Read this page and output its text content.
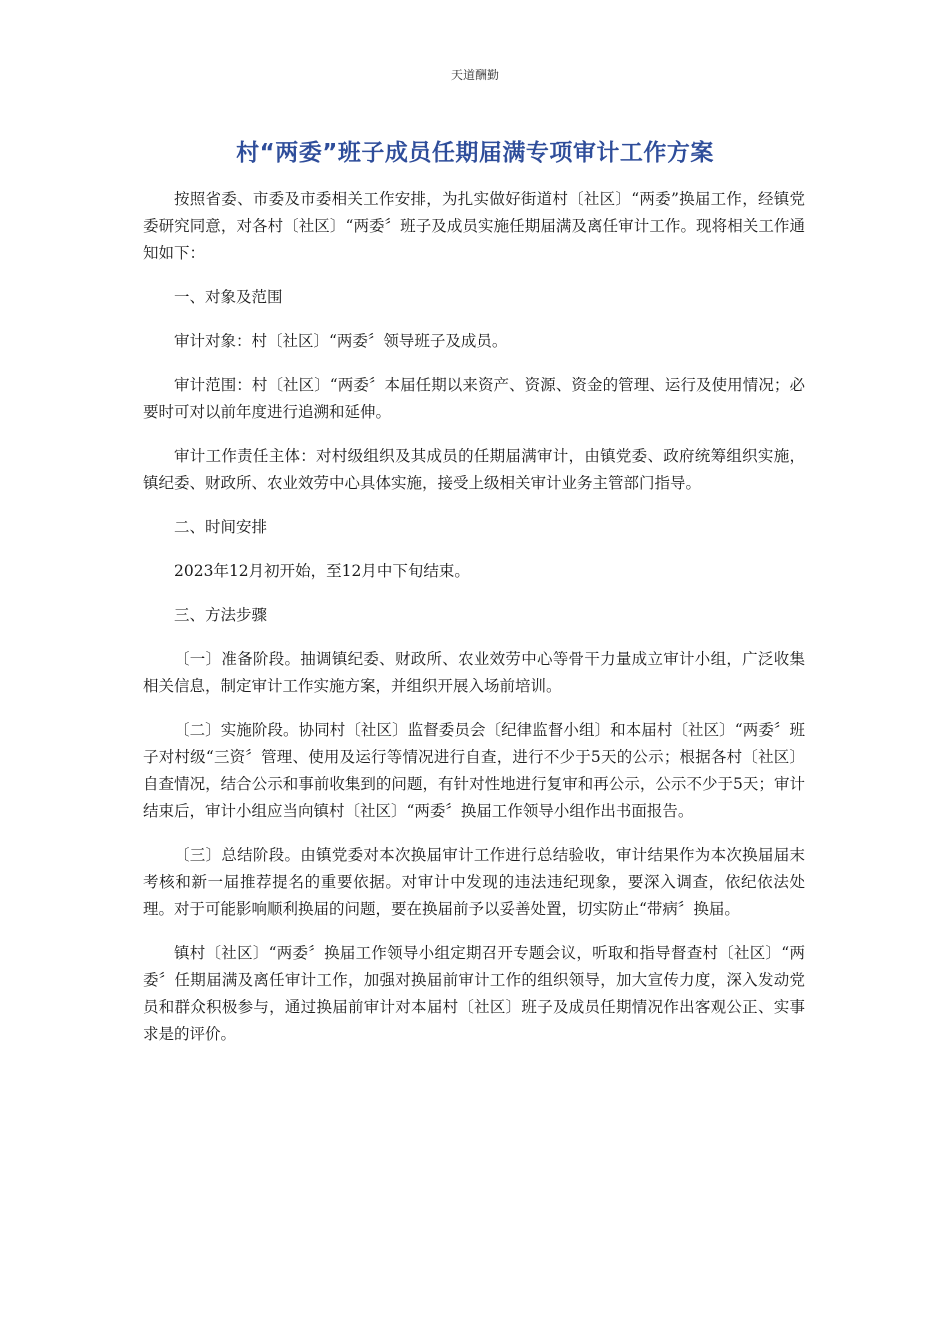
天道酬勤
村“两委”班子成员任期届满专项审计工作方案

按照省委、市委及市委相关工作安排，为扎实做好街道村〔社区〕“两委”换届工作，经镇党委研究同意，对各村〔社区〕“两委〞班子及成员实施任期届满及离任审计工作。现将相关工作通知如下：

一、对象及范围

审计对象：村〔社区〕“两委〞领导班子及成员。

审计范围：村〔社区〕“两委〞本届任期以来资产、资源、资金的管理、运行及使用情况；必要时可对以前年度进行追溯和延伸。

审计工作责任主体：对村级组织及其成员的任期届满审计，由镇党委、政府统筹组织实施，镇纪委、财政所、农业效劳中心具体实施，接受上级相关审计业务主管部门指导。

二、时间安排

2023年12月初开始，至12月中下旬结束。

三、方法步骤

〔一〕准备阶段。抽调镇纪委、财政所、农业效劳中心等骨干力量成立审计小组，广泛收集相关信息，制定审计工作实施方案，并组织开展入场前培训。

〔二〕实施阶段。协同村〔社区〕监督委员会〔纪律监督小组〕和本届村〔社区〕“两委〞班子对村级“三资〞管理、使用及运行等情况进行自查，进行不少于5天的公示；根据各村〔社区〕自查情况，结合公示和事前收集到的问题，有针对性地进行复审和再公示，公示不少于5天；审计结束后，审计小组应当向镇村〔社区〕“两委〞换届工作领导小组作出书面报告。

〔三〕总结阶段。由镇党委对本次换届审计工作进行总结验收，审计结果作为本次换届届末考核和新一届推荐提名的重要依据。对审计中发现的违法违纪现象，要深入调查，依纪依法处理。对于可能影响顺利换届的问题，要在换届前予以妥善处置，切实防止“带病〞换届。

镇村〔社区〕“两委〞换届工作领导小组定期召开专题会议，听取和指导督查村〔社区〕“两委〞任期届满及离任审计工作，加强对换届前审计工作的组织领导，加大宣传力度，深入发动党员和群众积极参与，通过换届前审计对本届村〔社区〕班子及成员任期情况作出客观公正、实事求是的评价。
